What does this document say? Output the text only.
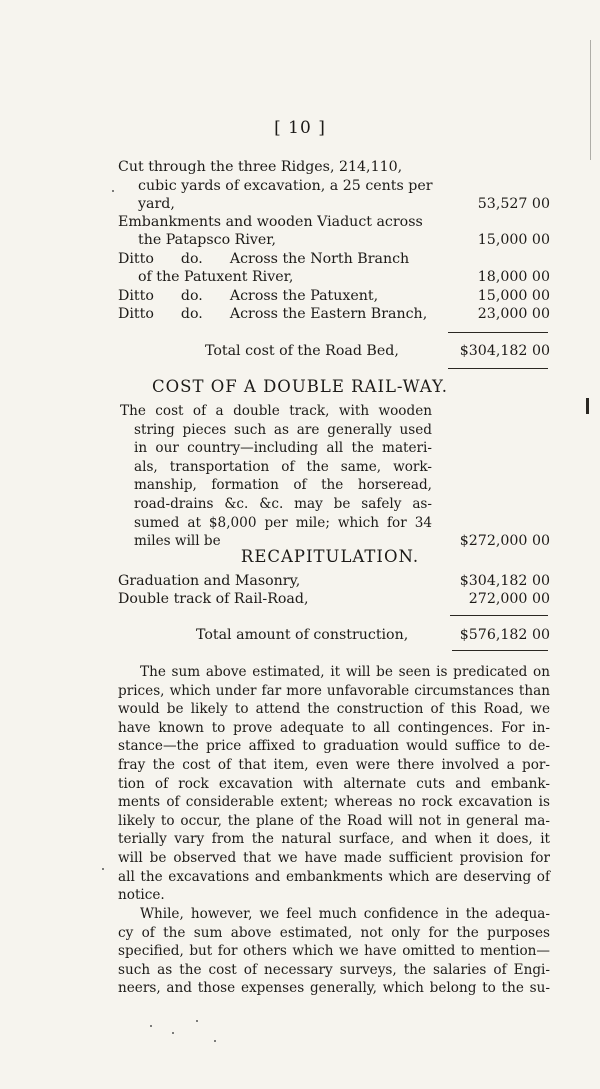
[ 10 ]
Cut through the three Ridges, 214,110,
cubic yards of excavation, a 25 cents per
yard,	53,527 00
Embankments and wooden Viaduct across
the Patapsco River,	15,000 00
Ditto      do.      Across the North Branch
of the Patuxent River,	18,000 00
Ditto      do.      Across the Patuxent,	15,000 00
Ditto      do.      Across the Eastern Branch,	23,000 00
Total cost of the Road Bed,	$304,182 00
COST OF A DOUBLE RAIL-WAY.
The cost of a double track, with wooden
string pieces such as are generally used
in our country—including all the materi-
als, transportation of the same, work-
manship, formation of the horseread,
road-drains &c. &c. may be safely as-
sumed at $8,000 per mile; which for 34
miles will be	$272,000 00
RECAPITULATION.
Graduation and Masonry,	$304,182 00
Double track of Rail-Road,	272,000 00
Total amount of construction,	$576,182 00
The sum above estimated, it will be seen is predicated on
prices, which under far more unfavorable circumstances than
would be likely to attend the construction of this Road, we
have known to prove adequate to all contingences. For in-
stance—the price affixed to graduation would suffice to de-
fray the cost of that item, even were there involved a por-
tion of rock excavation with alternate cuts and embank-
ments of considerable extent; whereas no rock excavation is
likely to occur, the plane of the Road will not in general ma-
terially vary from the natural surface, and when it does, it
will be observed that we have made sufficient provision for
all the excavations and embankments which are deserving of
notice.
While, however, we feel much confidence in the adequa-
cy of the sum above estimated, not only for the purposes
specified, but for others which we have omitted to mention—
such as the cost of necessary surveys, the salaries of Engi-
neers, and those expenses generally, which belong to the su-
